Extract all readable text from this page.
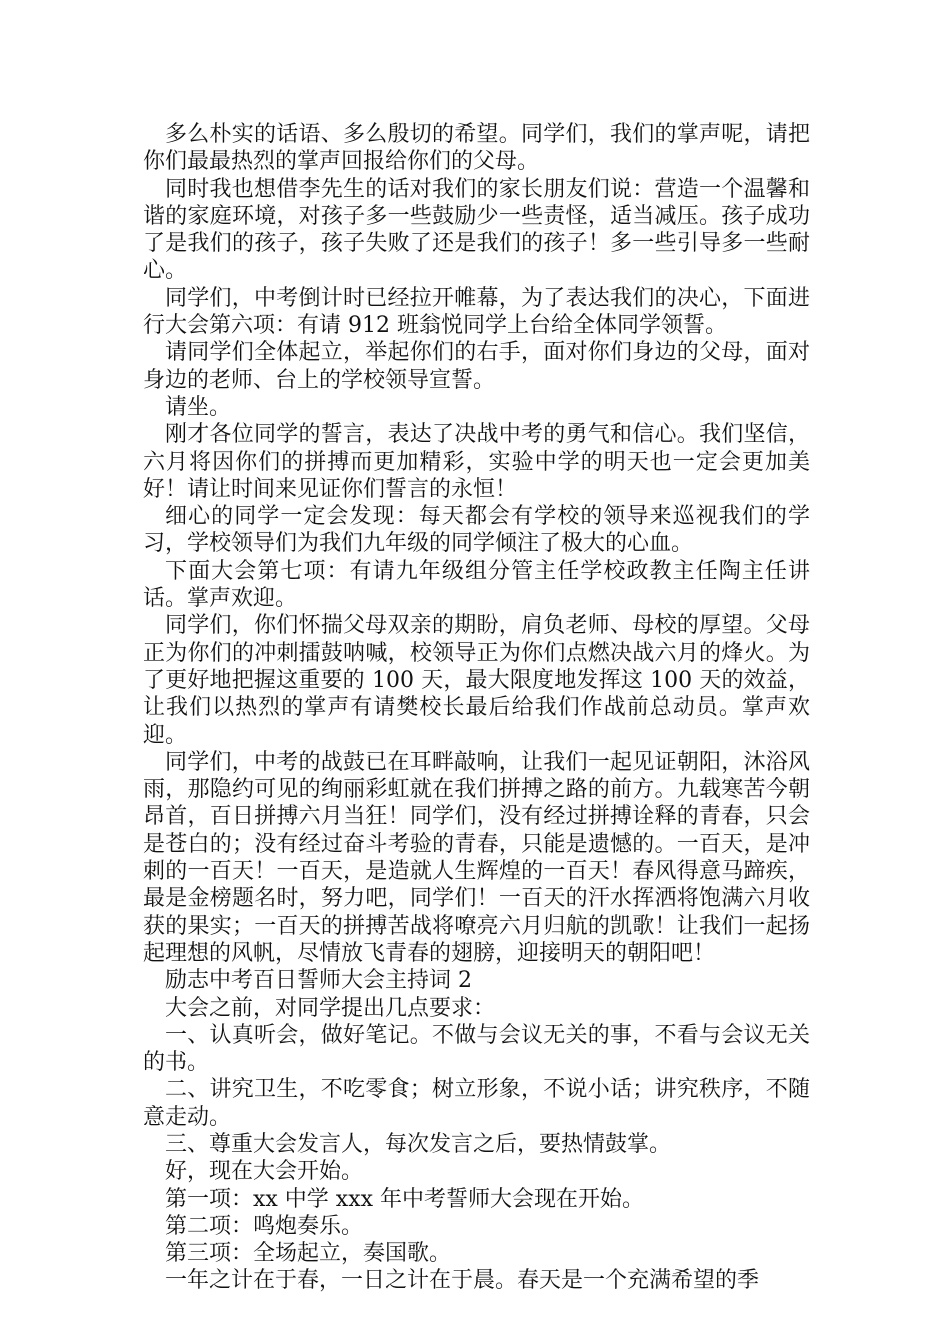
多么朴实的话语、多么殷切的希望。同学们，我们的掌声呢，请把你们最最热烈的掌声回报给你们的父母。

同时我也想借李先生的话对我们的家长朋友们说：营造一个温馨和谐的家庭环境，对孩子多一些鼓励少一些责怪，适当减压。孩子成功了是我们的孩子，孩子失败了还是我们的孩子！多一些引导多一些耐心。

同学们，中考倒计时已经拉开帷幕，为了表达我们的决心，下面进行大会第六项：有请 912 班翁悦同学上台给全体同学领誓。

请同学们全体起立，举起你们的右手，面对你们身边的父母，面对身边的老师、台上的学校领导宣誓。

请坐。

刚才各位同学的誓言，表达了决战中考的勇气和信心。我们坚信，六月将因你们的拼搏而更加精彩，实验中学的明天也一定会更加美好！请让时间来见证你们誓言的永恒！

细心的同学一定会发现：每天都会有学校的领导来巡视我们的学习，学校领导们为我们九年级的同学倾注了极大的心血。

下面大会第七项：有请九年级组分管主任学校政教主任陶主任讲话。掌声欢迎。

同学们，你们怀揣父母双亲的期盼，肩负老师、母校的厚望。父母正为你们的冲刺擂鼓呐喊，校领导正为你们点燃决战六月的烽火。为了更好地把握这重要的 100 天，最大限度地发挥这 100 天的效益，让我们以热烈的掌声有请樊校长最后给我们作战前总动员。掌声欢迎。

同学们，中考的战鼓已在耳畔敲响，让我们一起见证朝阳，沐浴风雨，那隐约可见的绚丽彩虹就在我们拼搏之路的前方。九载寒苦今朝昂首，百日拼搏六月当狂！同学们，没有经过拼搏诠释的青春，只会是苍白的；没有经过奋斗考验的青春，只能是遗憾的。一百天，是冲刺的一百天！一百天，是造就人生辉煌的一百天！春风得意马蹄疾，最是金榜题名时，努力吧，同学们！一百天的汗水挥洒将饱满六月收获的果实；一百天的拼搏苦战将嘹亮六月归航的凯歌！让我们一起扬起理想的风帆，尽情放飞青春的翅膀，迎接明天的朝阳吧！

励志中考百日誓师大会主持词 2

大会之前，对同学提出几点要求：

一、认真听会，做好笔记。不做与会议无关的事，不看与会议无关的书。

二、讲究卫生，不吃零食；树立形象，不说小话；讲究秩序，不随意走动。

三、尊重大会发言人，每次发言之后，要热情鼓掌。

好，现在大会开始。

第一项：xx 中学 xxx 年中考誓师大会现在开始。

第二项：鸣炮奏乐。

第三项：全场起立，奏国歌。

一年之计在于春，一日之计在于晨。春天是一个充满希望的季
